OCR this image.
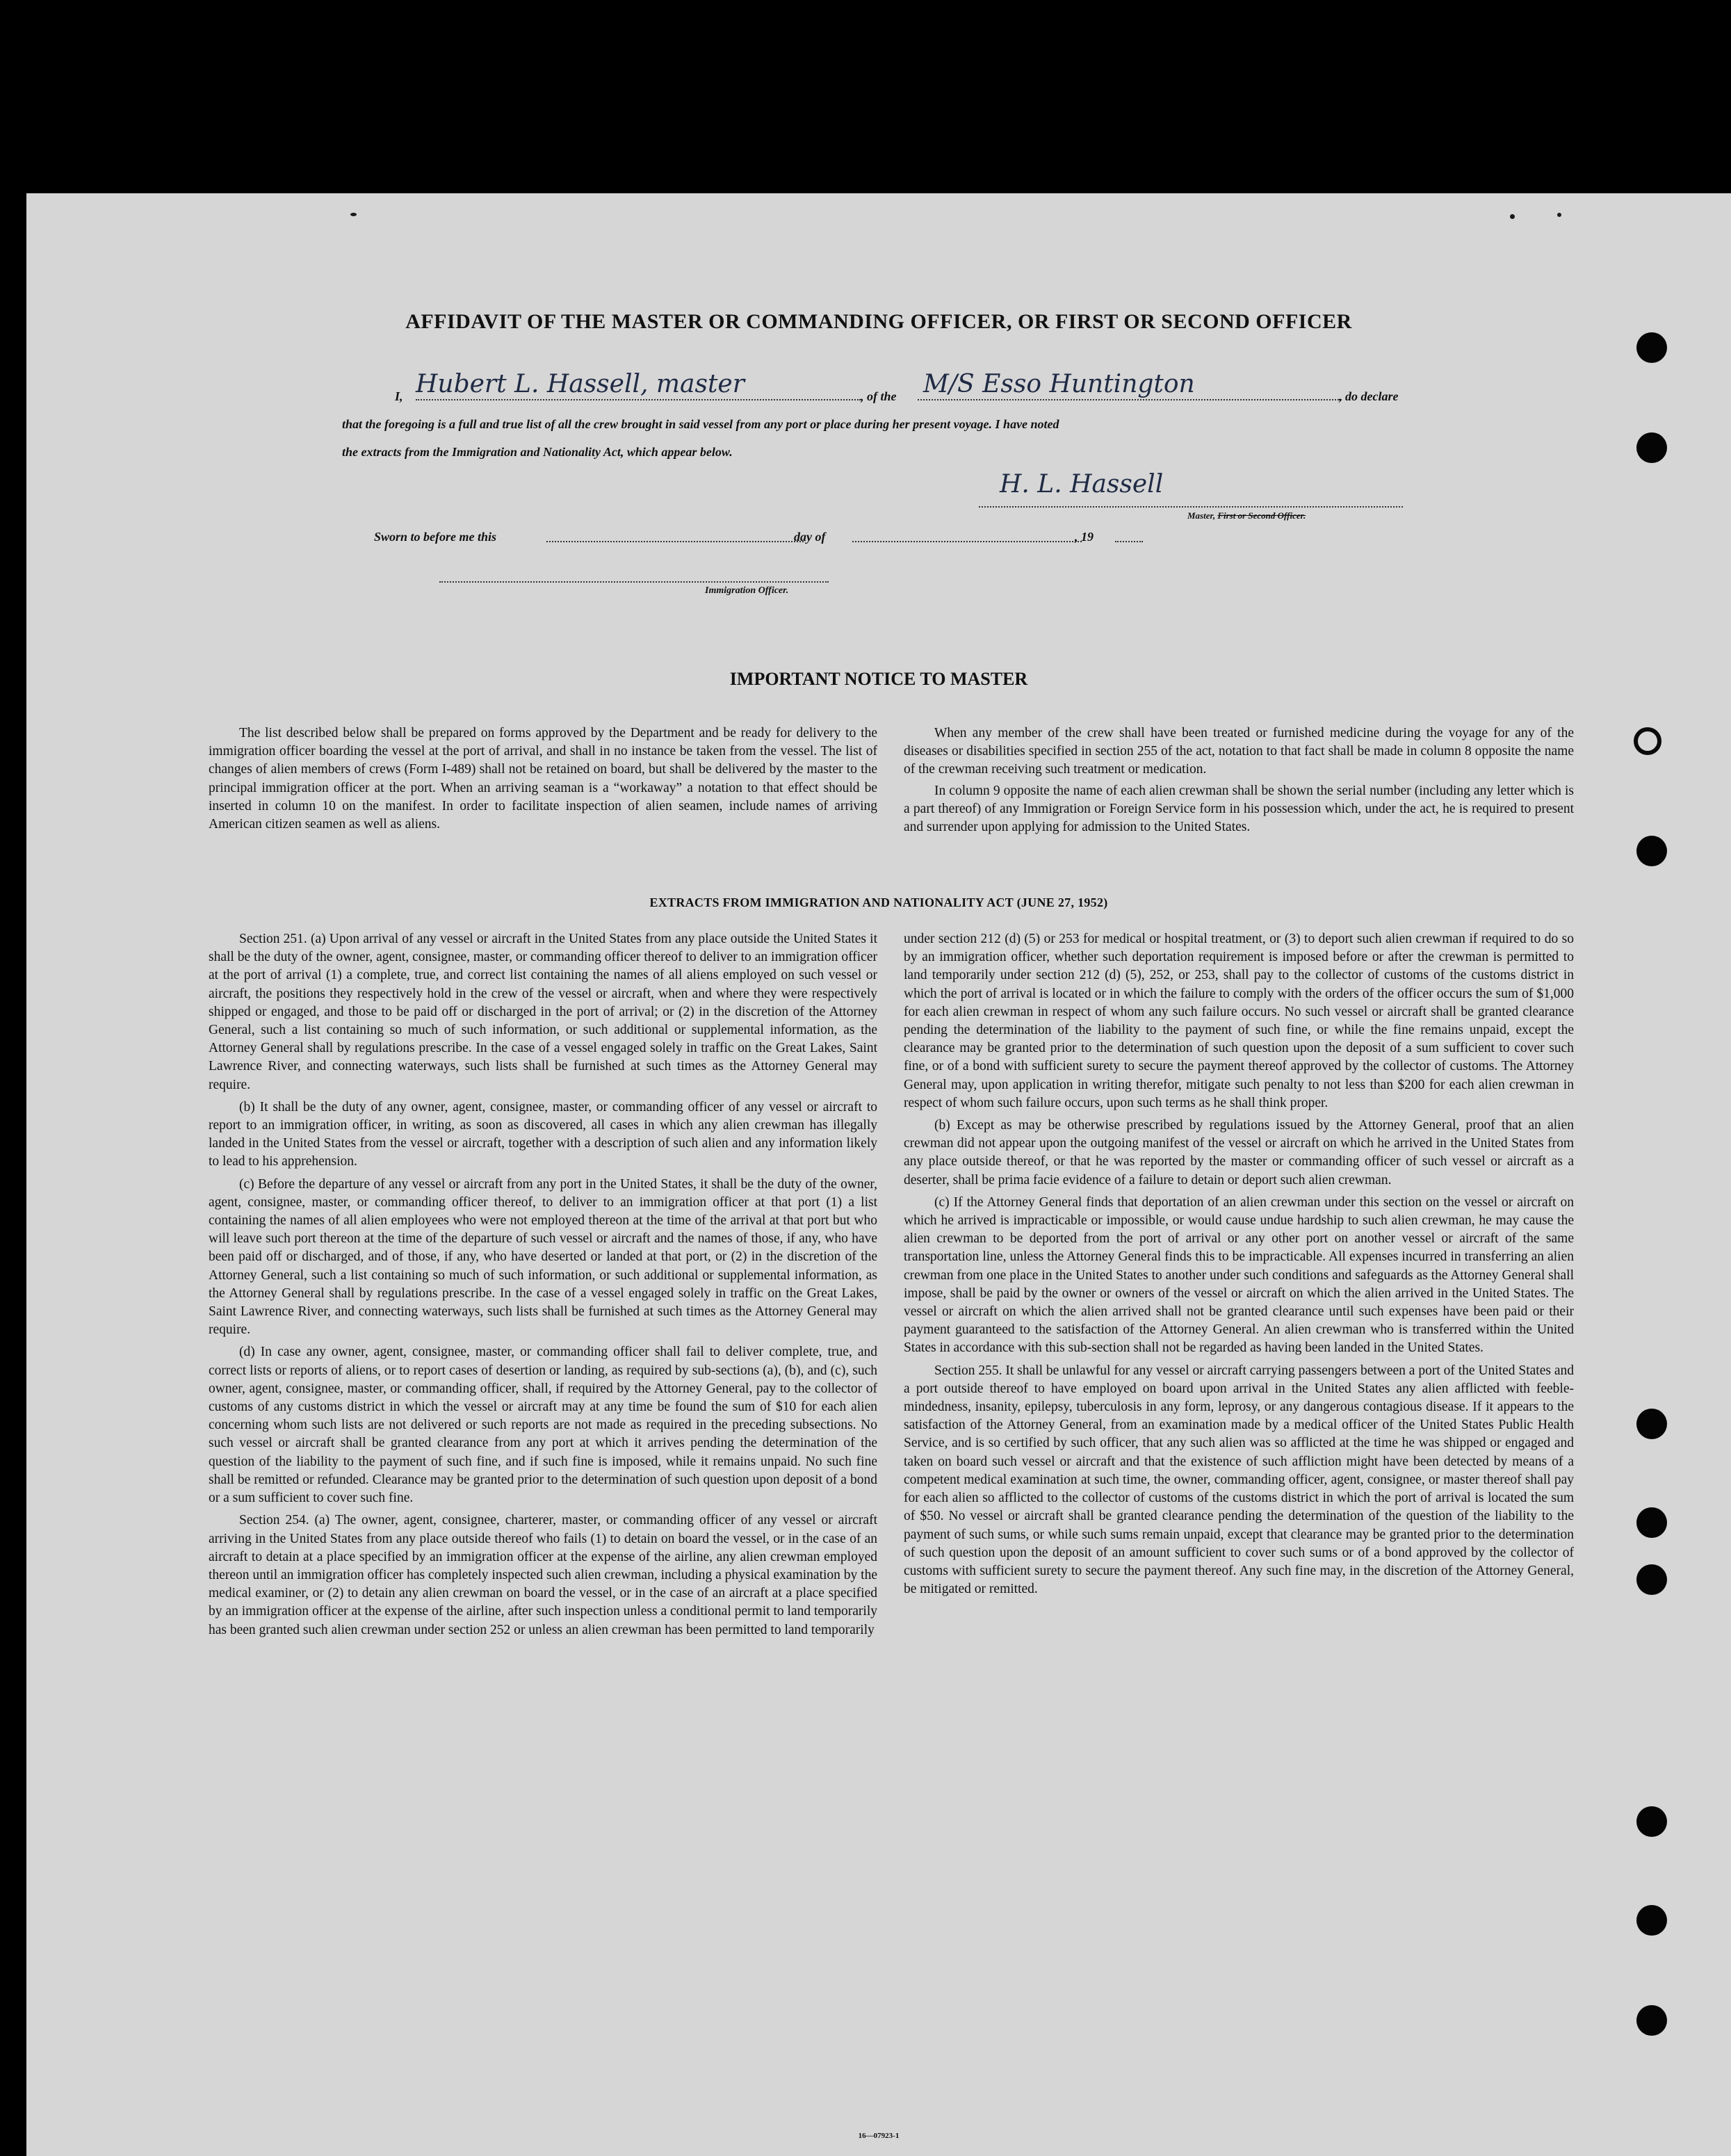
AFFIDAVIT OF THE MASTER OR COMMANDING OFFICER, OR FIRST OR SECOND OFFICER
I, Hubert L. Hassell, master	, of the M/S Esso Huntington	, do declare
that the foregoing is a full and true list of all the crew brought in said vessel from any port or place during her present voyage. I have noted
the extracts from the Immigration and Nationality Act, which appear below.
H. L. Hassell
Master, First or Second Officer.
Sworn to before me this	day of	, 19
Immigration Officer.
IMPORTANT NOTICE TO MASTER

The list described below shall be prepared on forms approved by the Department and be ready for delivery to the immigration officer boarding the vessel at the port of arrival, and shall in no instance be taken from the vessel. The list of changes of alien members of crews (Form I-489) shall not be retained on board, but shall be delivered by the master to the principal immigration officer at the port. When an arriving seaman is a “workaway” a notation to that effect should be inserted in column 10 on the manifest. In order to facilitate inspection of alien seamen, include names of arriving American citizen seamen as well as aliens.

When any member of the crew shall have been treated or furnished medicine during the voyage for any of the diseases or disabilities specified in section 255 of the act, notation to that fact shall be made in column 8 opposite the name of the crewman receiving such treatment or medication.

In column 9 opposite the name of each alien crewman shall be shown the serial number (including any letter which is a part thereof) of any Immigration or Foreign Service form in his possession which, under the act, he is required to present and surrender upon applying for admission to the United States.

EXTRACTS FROM IMMIGRATION AND NATIONALITY ACT (JUNE 27, 1952)

Section 251. (a) Upon arrival of any vessel or aircraft in the United States from any place outside the United States it shall be the duty of the owner, agent, consignee, master, or commanding officer thereof to deliver to an immigration officer at the port of arrival (1) a complete, true, and correct list containing the names of all aliens employed on such vessel or aircraft, the positions they respectively hold in the crew of the vessel or aircraft, when and where they were respectively shipped or engaged, and those to be paid off or discharged in the port of arrival; or (2) in the discretion of the Attorney General, such a list containing so much of such information, or such additional or supplemental information, as the Attorney General shall by regulations prescribe. In the case of a vessel engaged solely in traffic on the Great Lakes, Saint Lawrence River, and connecting waterways, such lists shall be furnished at such times as the Attorney General may require.

(b) It shall be the duty of any owner, agent, consignee, master, or commanding officer of any vessel or aircraft to report to an immigration officer, in writing, as soon as discovered, all cases in which any alien crewman has illegally landed in the United States from the vessel or aircraft, together with a description of such alien and any information likely to lead to his apprehension.

(c) Before the departure of any vessel or aircraft from any port in the United States, it shall be the duty of the owner, agent, consignee, master, or commanding officer thereof, to deliver to an immigration officer at that port (1) a list containing the names of all alien employees who were not employed thereon at the time of the arrival at that port but who will leave such port thereon at the time of the departure of such vessel or aircraft and the names of those, if any, who have been paid off or discharged, and of those, if any, who have deserted or landed at that port, or (2) in the discretion of the Attorney General, such a list containing so much of such information, or such additional or supplemental information, as the Attorney General shall by regulations prescribe. In the case of a vessel engaged solely in traffic on the Great Lakes, Saint Lawrence River, and connecting waterways, such lists shall be furnished at such times as the Attorney General may require.

(d) In case any owner, agent, consignee, master, or commanding officer shall fail to deliver complete, true, and correct lists or reports of aliens, or to report cases of desertion or landing, as required by sub-sections (a), (b), and (c), such owner, agent, consignee, master, or commanding officer, shall, if required by the Attorney General, pay to the collector of customs of any customs district in which the vessel or aircraft may at any time be found the sum of $10 for each alien concerning whom such lists are not delivered or such reports are not made as required in the preceding subsections. No such vessel or aircraft shall be granted clearance from any port at which it arrives pending the determination of the question of the liability to the payment of such fine, and if such fine is imposed, while it remains unpaid. No such fine shall be remitted or refunded. Clearance may be granted prior to the determination of such question upon deposit of a bond or a sum sufficient to cover such fine.

Section 254. (a) The owner, agent, consignee, charterer, master, or commanding officer of any vessel or aircraft arriving in the United States from any place outside thereof who fails (1) to detain on board the vessel, or in the case of an aircraft to detain at a place specified by an immigration officer at the expense of the airline, any alien crewman employed thereon until an immigration officer has completely inspected such alien crewman, including a physical examination by the medical examiner, or (2) to detain any alien crewman on board the vessel, or in the case of an aircraft at a place specified by an immigration officer at the expense of the airline, after such inspection unless a conditional permit to land temporarily has been granted such alien crewman under section 252 or unless an alien crewman has been permitted to land temporarily

under section 212 (d) (5) or 253 for medical or hospital treatment, or (3) to deport such alien crewman if required to do so by an immigration officer, whether such deportation requirement is imposed before or after the crewman is permitted to land temporarily under section 212 (d) (5), 252, or 253, shall pay to the collector of customs of the customs district in which the port of arrival is located or in which the failure to comply with the orders of the officer occurs the sum of $1,000 for each alien crewman in respect of whom any such failure occurs. No such vessel or aircraft shall be granted clearance pending the determination of the liability to the payment of such fine, or while the fine remains unpaid, except the clearance may be granted prior to the determination of such question upon the deposit of a sum sufficient to cover such fine, or of a bond with sufficient surety to secure the payment thereof approved by the collector of customs. The Attorney General may, upon application in writing therefor, mitigate such penalty to not less than $200 for each alien crewman in respect of whom such failure occurs, upon such terms as he shall think proper.

(b) Except as may be otherwise prescribed by regulations issued by the Attorney General, proof that an alien crewman did not appear upon the outgoing manifest of the vessel or aircraft on which he arrived in the United States from any place outside thereof, or that he was reported by the master or commanding officer of such vessel or aircraft as a deserter, shall be prima facie evidence of a failure to detain or deport such alien crewman.

(c) If the Attorney General finds that deportation of an alien crewman under this section on the vessel or aircraft on which he arrived is impracticable or impossible, or would cause undue hardship to such alien crewman, he may cause the alien crewman to be deported from the port of arrival or any other port on another vessel or aircraft of the same transportation line, unless the Attorney General finds this to be impracticable. All expenses incurred in transferring an alien crewman from one place in the United States to another under such conditions and safeguards as the Attorney General shall impose, shall be paid by the owner or owners of the vessel or aircraft on which the alien arrived in the United States. The vessel or aircraft on which the alien arrived shall not be granted clearance until such expenses have been paid or their payment guaranteed to the satisfaction of the Attorney General. An alien crewman who is transferred within the United States in accordance with this sub-section shall not be regarded as having been landed in the United States.

Section 255. It shall be unlawful for any vessel or aircraft carrying passengers between a port of the United States and a port outside thereof to have employed on board upon arrival in the United States any alien afflicted with feeble-mindedness, insanity, epilepsy, tuberculosis in any form, leprosy, or any dangerous contagious disease. If it appears to the satisfaction of the Attorney General, from an examination made by a medical officer of the United States Public Health Service, and is so certified by such officer, that any such alien was so afflicted at the time he was shipped or engaged and taken on board such vessel or aircraft and that the existence of such affliction might have been detected by means of a competent medical examination at such time, the owner, commanding officer, agent, consignee, or master thereof shall pay for each alien so afflicted to the collector of customs of the customs district in which the port of arrival is located the sum of $50. No vessel or aircraft shall be granted clearance pending the determination of the question of the liability to the payment of such sums, or while such sums remain unpaid, except that clearance may be granted prior to the determination of such question upon the deposit of an amount sufficient to cover such sums or of a bond approved by the collector of customs with sufficient surety to secure the payment thereof. Any such fine may, in the discretion of the Attorney General, be mitigated or remitted.

16—07923-1
